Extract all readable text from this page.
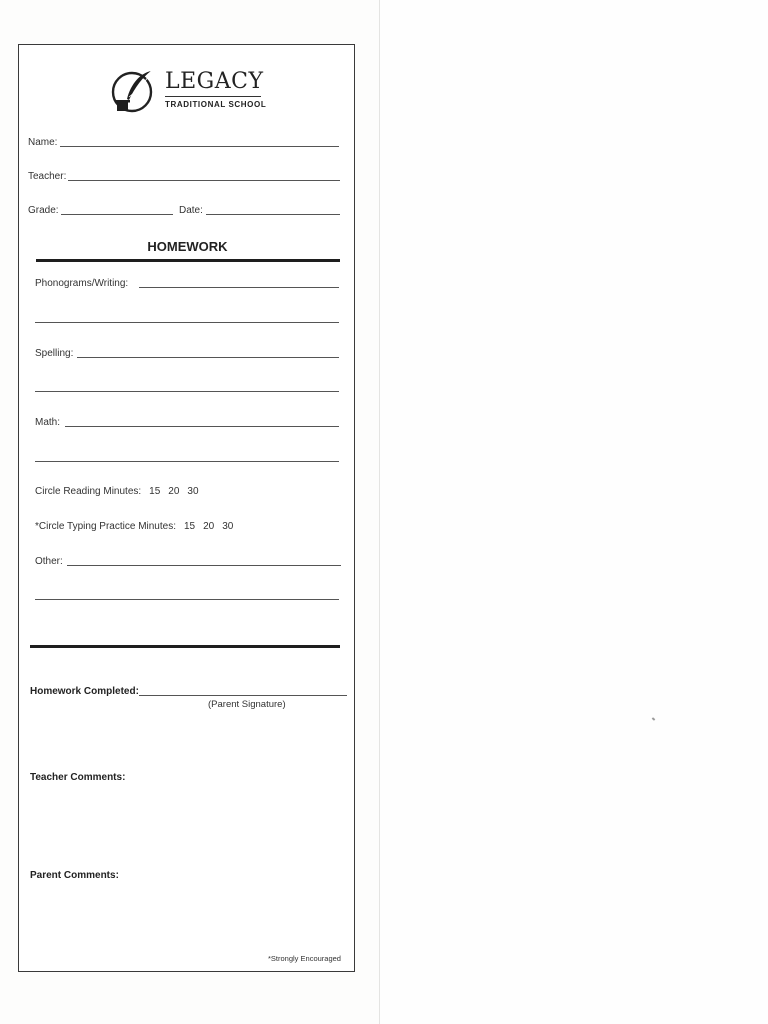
LEGACY
TRADITIONAL SCHOOL
Name:
Teacher:
Grade:	Date:
HOMEWORK
Phonograms/Writing:
Spelling:
Math:
Circle Reading Minutes: 15 20 30
*Circle Typing Practice Minutes: 15 20 30
Other:
Homework Completed:
(Parent Signature)
Teacher Comments:
Parent Comments:
*Strongly Encouraged
